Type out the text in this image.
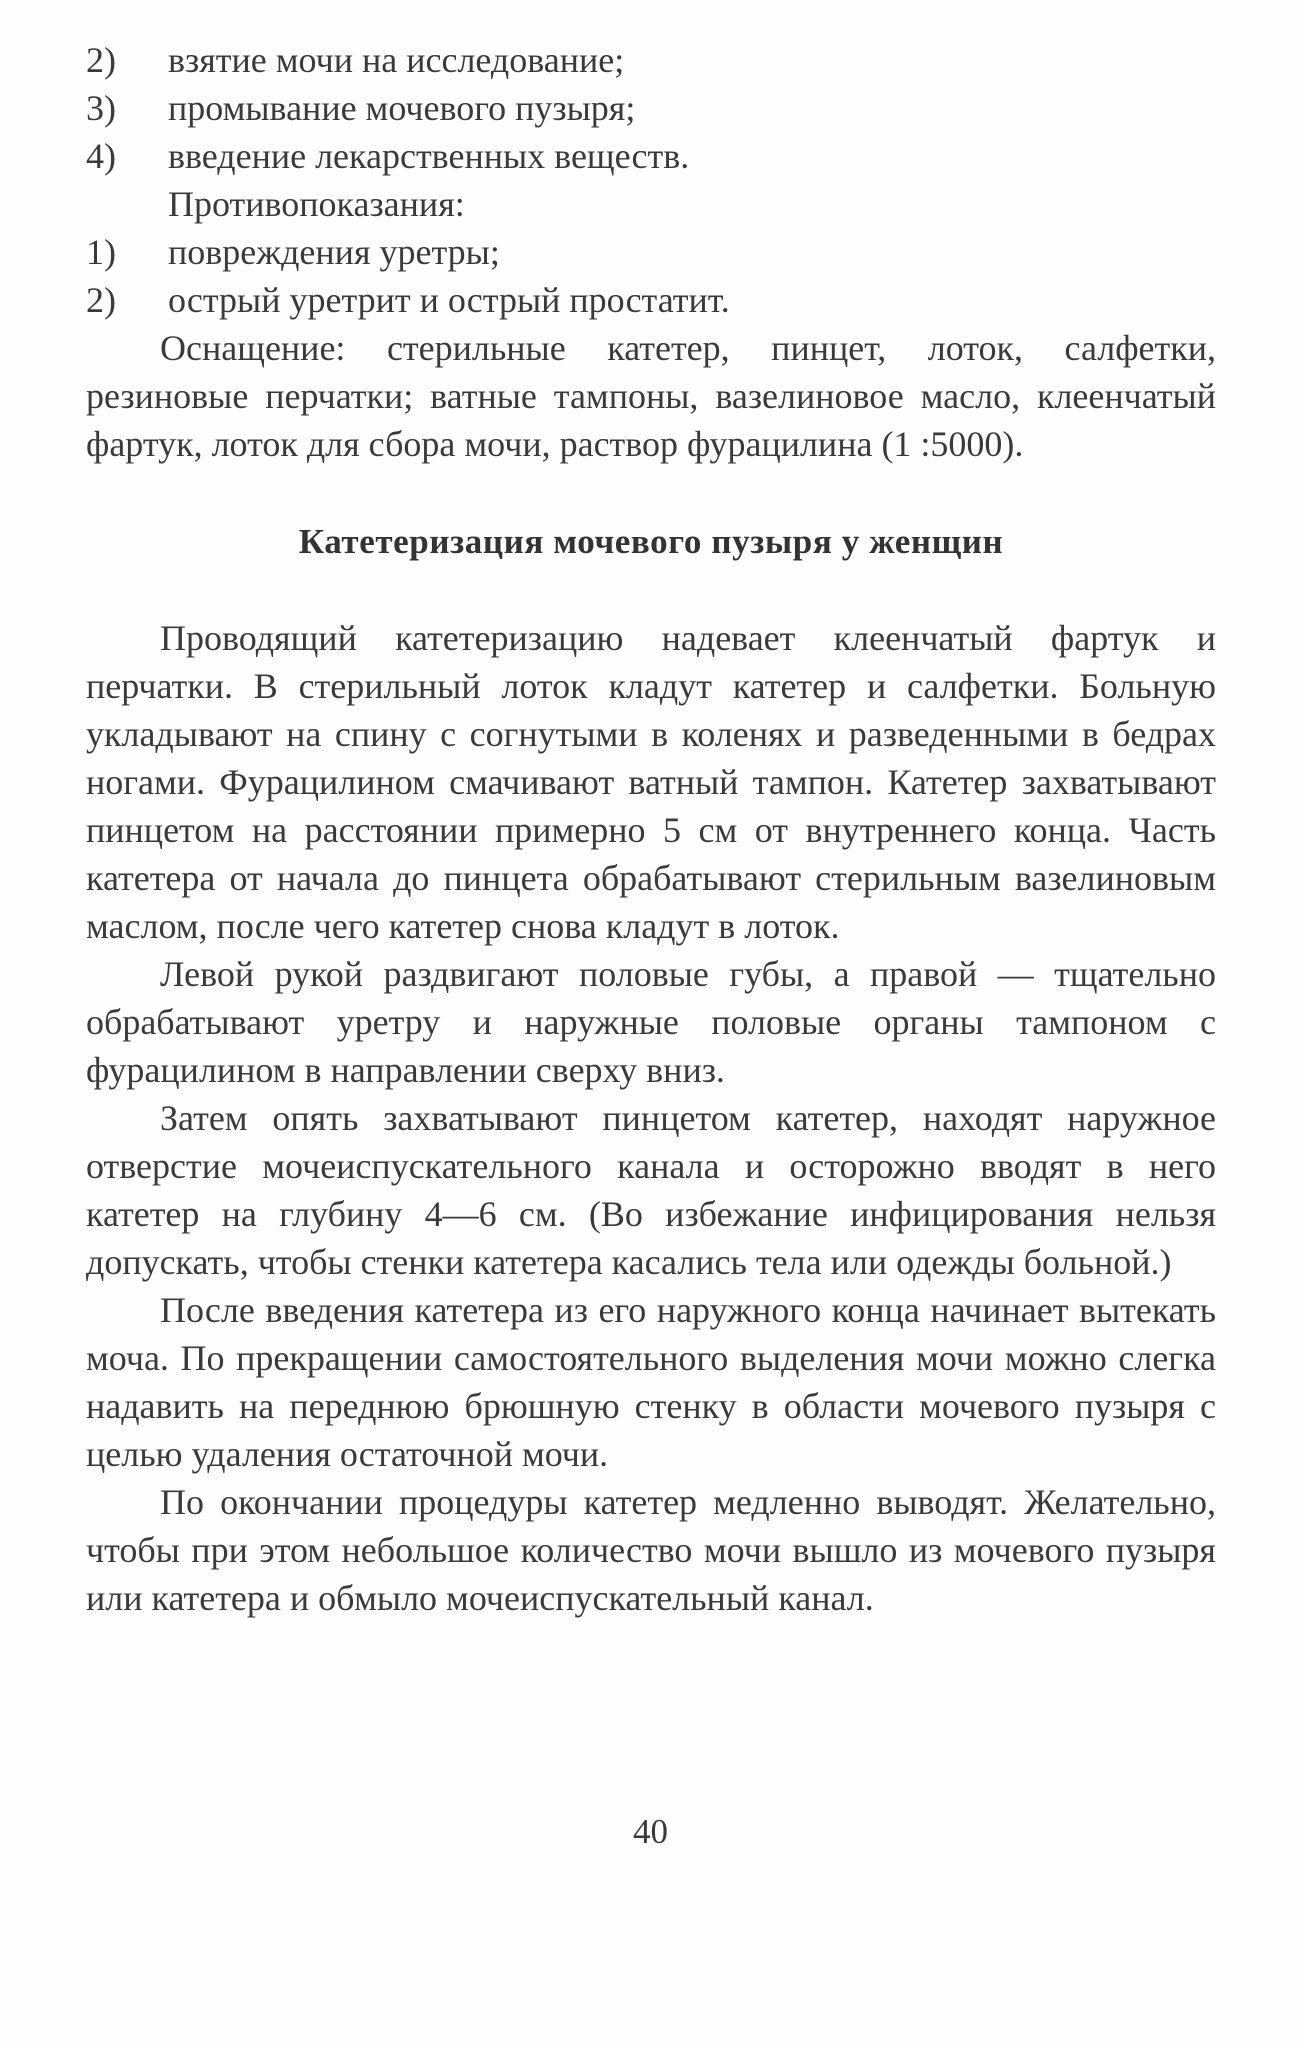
2)	взятие мочи на исследование;
3)	промывание мочевого пузыря;
4)	введение лекарственных веществ.

Противопоказания:

1)	повреждения уретры;
2)	острый уретрит и острый простатит.

Оснащение: стерильные катетер, пинцет, лоток, салфетки, резиновые перчатки; ватные тампоны, вазелиновое масло, клеенчатый фартук, лоток для сбора мочи, раствор фурацилина (1 :5000).

Катетеризация мочевого пузыря у женщин

Проводящий катетеризацию надевает клеенчатый фартук и перчатки. В стерильный лоток кладут катетер и салфетки. Больную укладывают на спину с согнутыми в коленях и разведенными в бедрах ногами. Фурацилином смачивают ватный тампон. Катетер захватывают пинцетом на расстоянии примерно 5 см от внутреннего конца. Часть катетера от начала до пинцета обрабатывают стерильным вазелиновым маслом, после чего катетер снова кладут в лоток.

Левой рукой раздвигают половые губы, а правой — тщательно обрабатывают уретру и наружные половые органы тампоном с фурацилином в направлении сверху вниз.

Затем опять захватывают пинцетом катетер, находят наружное отверстие мочеиспускательного канала и осторожно вводят в него катетер на глубину 4—6 см. (Во избежание инфицирования нельзя допускать, чтобы стенки катетера касались тела или одежды больной.)

После введения катетера из его наружного конца начинает вытекать моча. По прекращении самостоятельного выделения мочи можно слегка надавить на переднюю брюшную стенку в области мочевого пузыря с целью удаления остаточной мочи.

По окончании процедуры катетер медленно выводят. Желательно, чтобы при этом небольшое количество мочи вышло из мочевого пузыря или катетера и обмыло мочеиспускательный канал.

40
